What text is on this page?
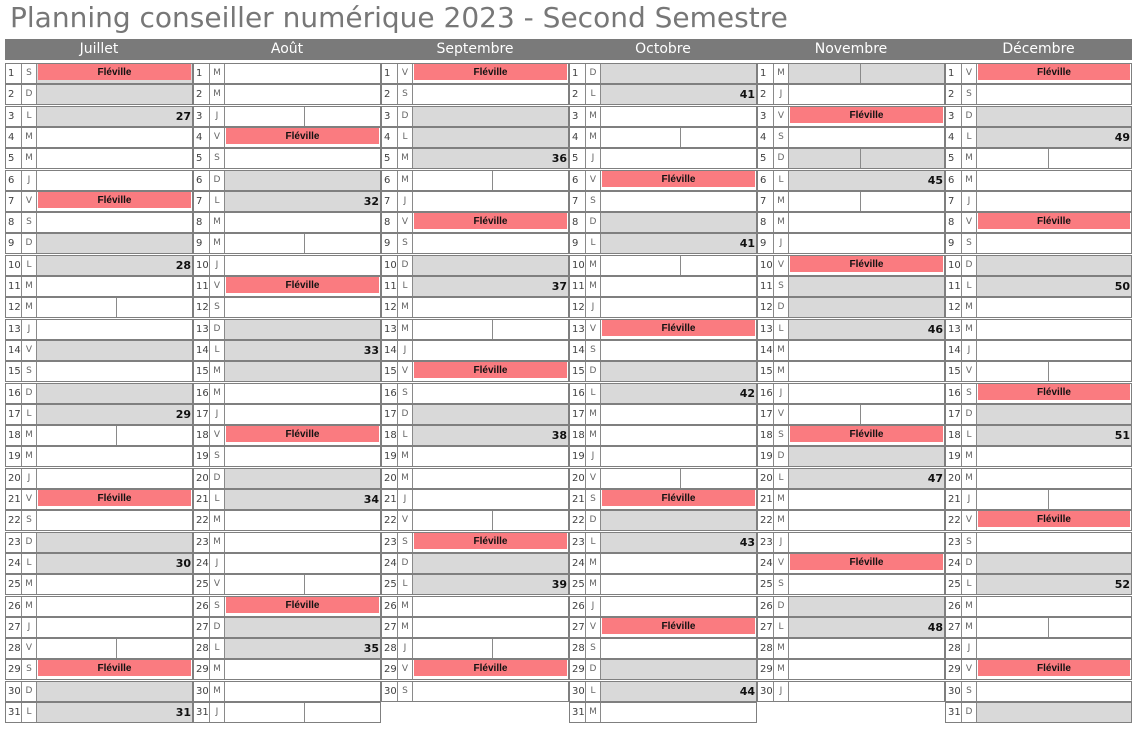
Planning conseiller numérique 2023 - Second Semestre
Juillet
1	S	Fléville
2	D
3	L	27
4	M
5	M
6	J
7	V	Fléville
8	S
9	D
10 L	28
11 M
12 M
13 J
14 V
15 S
16 D
17 L	29
18 M
19 M
20 J
21 V	Fléville
22 S
23 D
24 L	30
25 M
26 M
27 J
28 V
29 S	Fléville
30 D
31 L	31
Août
1	M
2	M
3	J
4	V	Fléville
5	S
6	D
7	L	32
8	M
9	M
10 J
11 V	Fléville
12 S
13 D
14 L	33
15 M
16 M
17 J
18 V	Fléville
19 S
20 D
21 L	34
22 M
23 M
24 J
25 V
26 S	Fléville
27 D
28 L	35
29 M
30 M
31 J
Septembre
1	V	Fléville
2	S
3	D
4	L
5	M	36
6	M
7	J
8	V	Fléville
9	S
10 D
11 L	37
12 M
13 M
14 J
15 V	Fléville
16 S
17 D
18 L	38
19 M
20 M
21 J
22 V
23 S	Fléville
24 D
25 L	39
26 M
27 M
28 J
29 V	Fléville
30 S
Octobre
1	D
2	L	41
3	M
4	M
5	J
6	V	Fléville
7	S
8	D
9	L	41
10 M
11 M
12 J
13 V	Fléville
14 S
15 D
16 L	42
17 M
18 M
19 J
20 V
21 S	Fléville
22 D
23 L	43
24 M
25 M
26 J
27 V	Fléville
28 S
29 D
30 L	44
31 M
Novembre
1	M
2	J
3	V	Fléville
4	S
5	D
6	L	45
7	M
8	M
9	J
10 V	Fléville
11 S
12 D
13 L	46
14 M
15 M
16 J
17 V
18 S	Fléville
19 D
20 L	47
21 M
22 M
23 J
24 V	Fléville
25 S
26 D
27 L	48
28 M
29 M
30 J
Décembre
1	V	Fléville
2	S
3	D
4	L	49
5	M
6	M
7	J
8	V	Fléville
9	S
10 D
11 L	50
12 M
13 M
14 J
15 V
16 S	Fléville
17 D
18 L	51
19 M
20 M
21 J
22 V	Fléville
23 S
24 D
25 L	52
26 M
27 M
28 J
29 V	Fléville
30 S
31 D
